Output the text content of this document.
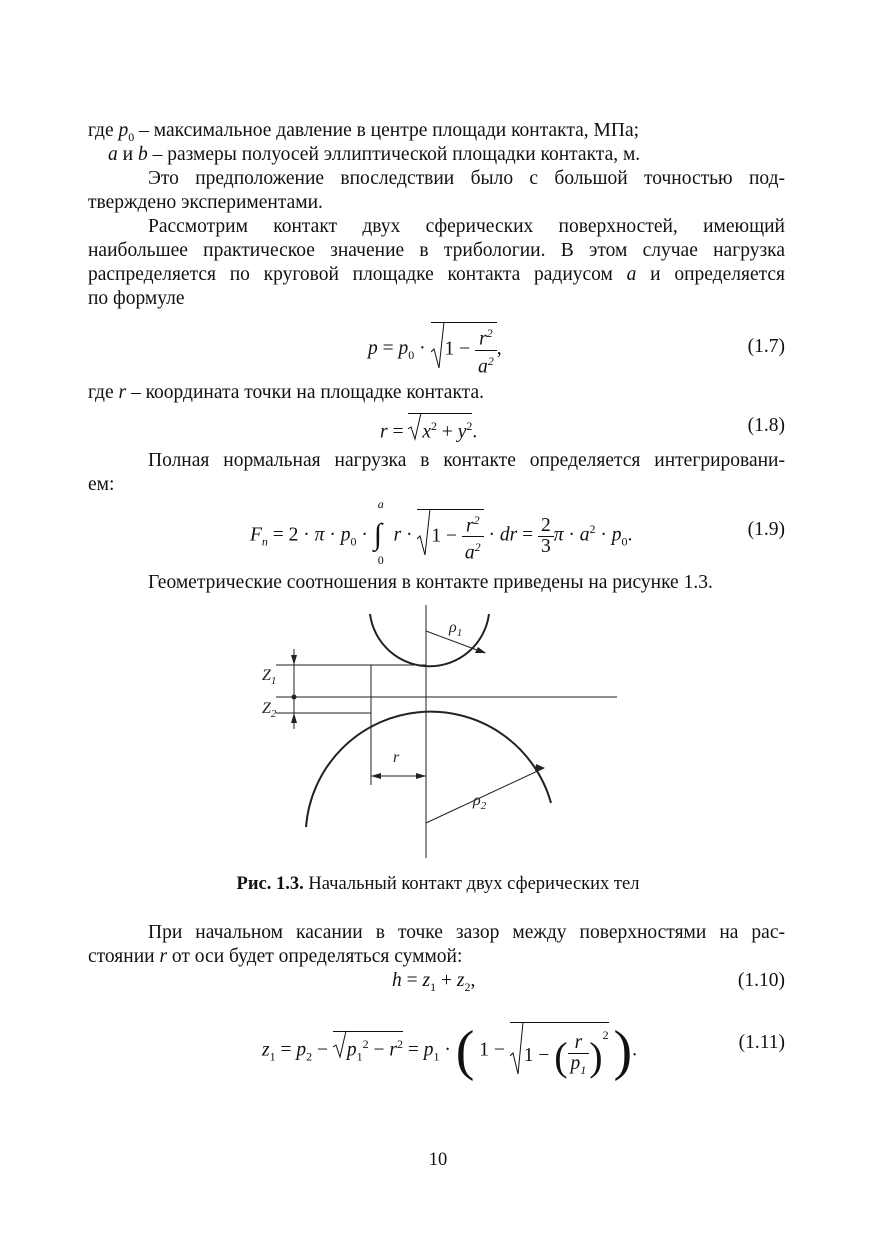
где $p_0$ – максимальное давление в центре площади контакта, МПа;
a и b – размеры полуосей эллиптической площадки контакта, м.
Это предположение впоследствии было с большой точностью под-
тверждено экспериментами.
Рассмотрим контакт двух сферических поверхностей, имеющий
наибольшее практическое значение в трибологии. В этом случае нагрузка
распределяется по круговой площадке контакта радиусом a и определяется
по формуле
$p = p_0$ ·
$1 - \frac{r^2}{a^2}$ ,	(1.7)
где r – координата точки на площадке контакта.
r =
$x^2 + y^2$.	(1.8)
Полная нормальная нагрузка в контакте определяется интегрировани-
ем:
$F_n = 2 \cdot \pi \cdot p_0$ ·
a
∫
0
r ·
$1 - \frac{r^2}{a^2}$ · dr = $\frac{2}{3}$ $\pi \cdot a^2 \cdot p_0$.	(1.9)
Геометрические соотношения в контакте приведены на рисунке 1.3.
$Z_1$
$Z_2$
$\rho_1$
$\rho_2$
r
Рис. 1.3. Начальный контакт двух сферических тел
При начальном касании в точке зазор между поверхностями на рас-
стоянии r от оси будет определяться суммой:
$h = z_1 + z_2$,	(1.10)
$z_1 = p_2$ −
$p_1^2 - r^2 = p_1$ · ( 1 −
1 − ( $\frac{r}{p_1} )^2$ ).	(1.11)
10
